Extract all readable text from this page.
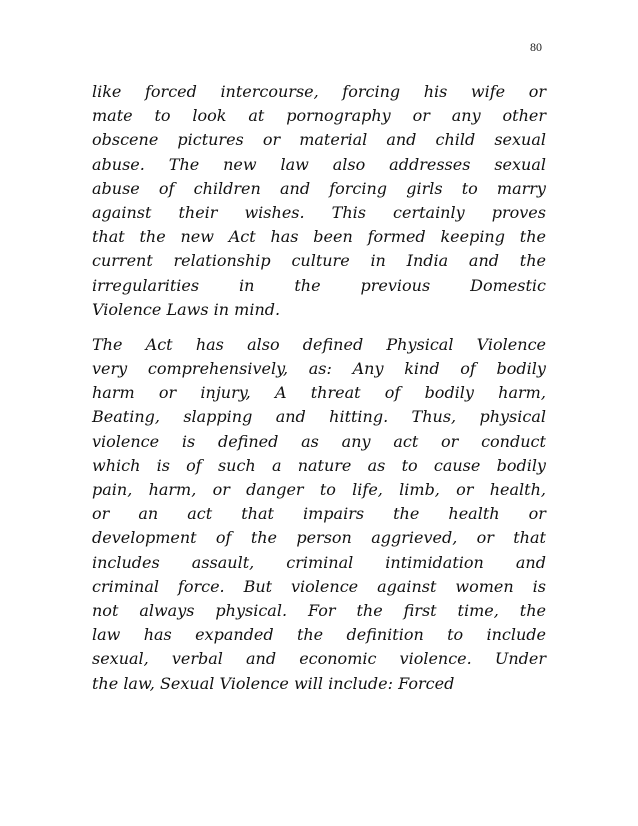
80
like forced intercourse, forcing his wife or
mate to look at pornography or any other
obscene pictures or material and child sexual
abuse. The new law also addresses sexual
abuse of children and forcing girls to marry
against their wishes. This certainly proves
that the new Act has been formed keeping the
current relationship culture in India and the
irregularities in the previous Domestic
Violence Laws in mind.
The Act has also defined Physical Violence
very comprehensively, as: Any kind of bodily
harm or injury, A threat of bodily harm,
Beating, slapping and hitting. Thus, physical
violence is defined as any act or conduct
which is of such a nature as to cause bodily
pain, harm, or danger to life, limb, or health,
or an act that impairs the health or
development of the person aggrieved, or that
includes assault, criminal intimidation and
criminal force. But violence against women is
not always physical. For the first time, the
law has expanded the definition to include
sexual, verbal and economic violence. Under
the law, Sexual Violence will include: Forced
